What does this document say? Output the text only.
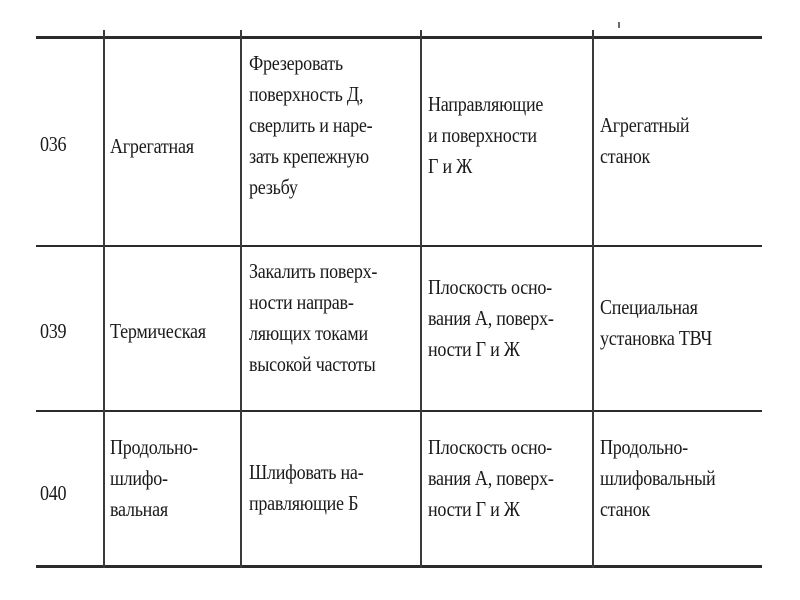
036 Агрегатная
Фрезеровать
поверхность Д,
сверлить и наре-
зать крепежную
резьбу
Направляющие
и поверхности
Г и Ж
Агрегатный
станок
039 Термическая
Закалить поверх-
ности направ-
ляющих токами
высокой частоты
Плоскость осно-
вания А, поверх-
ности Г и Ж
Специальная
установка ТВЧ
040
Продольно-
шлифо-
вальная
Шлифовать на-
правляющие Б
Плоскость осно-
вания А, поверх-
ности Г и Ж
Продольно-
шлифовальный
станок
